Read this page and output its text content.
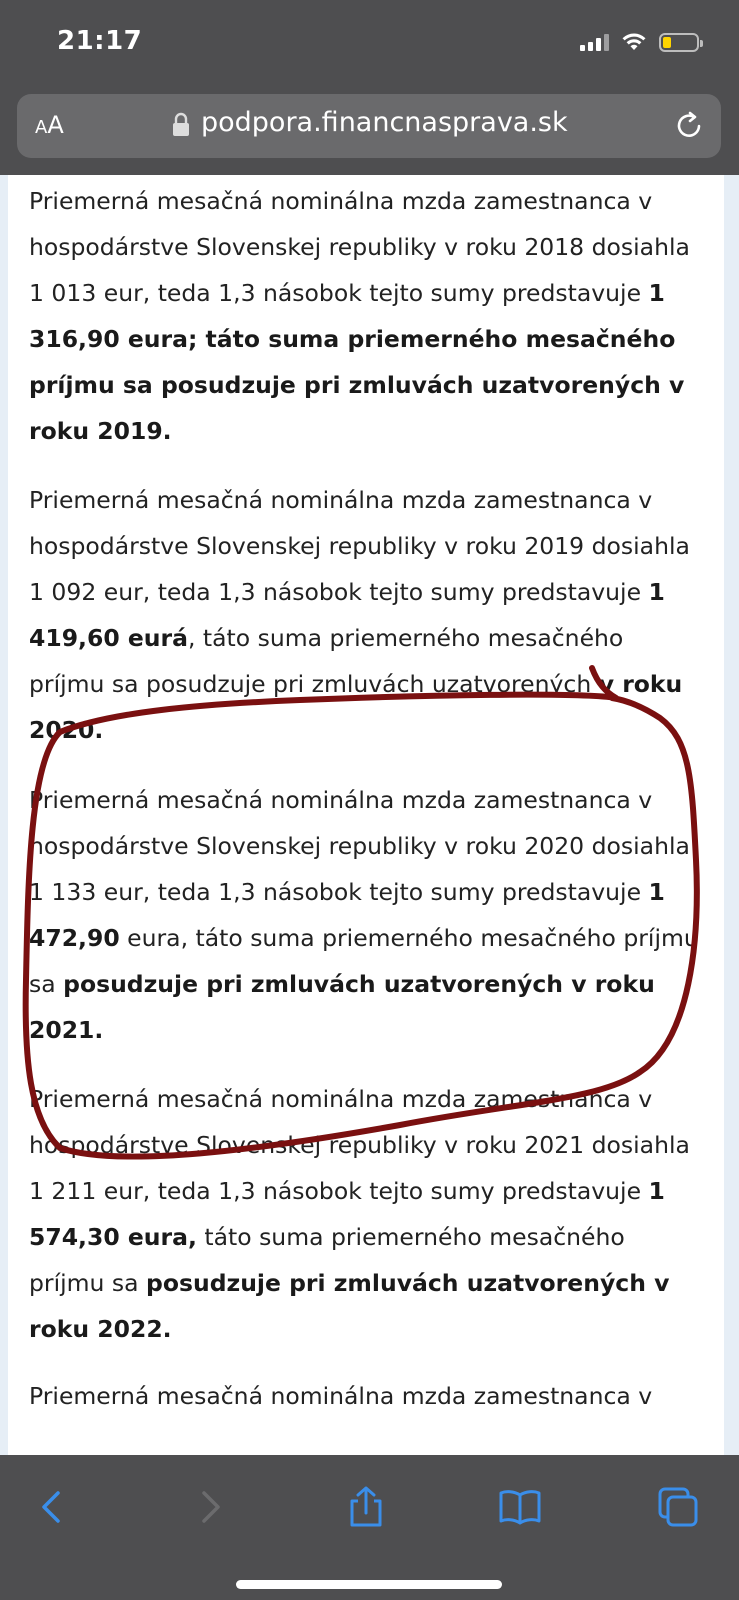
21:17
AA	podpora.financnasprava.sk

Priemerná mesačná nominálna mzda zamestnanca v hospodárstve Slovenskej republiky v roku 2018 dosiahla 1 013 eur, teda 1,3 násobok tejto sumy predstavuje 1 316,90 eura; táto suma priemerného mesačného príjmu sa posudzuje pri zmluvách uzatvorených v roku 2019.

Priemerná mesačná nominálna mzda zamestnanca v hospodárstve Slovenskej republiky v roku 2019 dosiahla 1 092 eur, teda 1,3 násobok tejto sumy predstavuje 1 419,60 eurá, táto suma priemerného mesačného príjmu sa posudzuje pri zmluvách uzatvorených v roku 2020.

Priemerná mesačná nominálna mzda zamestnanca v hospodárstve Slovenskej republiky v roku 2020 dosiahla 1 133 eur, teda 1,3 násobok tejto sumy predstavuje 1 472,90 eura, táto suma priemerného mesačného príjmu sa posudzuje pri zmluvách uzatvorených v roku 2021.

Priemerná mesačná nominálna mzda zamestnanca v hospodárstve Slovenskej republiky v roku 2021 dosiahla 1 211 eur, teda 1,3 násobok tejto sumy predstavuje 1 574,30 eura, táto suma priemerného mesačného príjmu sa posudzuje pri zmluvách uzatvorených v roku 2022.

Priemerná mesačná nominálna mzda zamestnanca v
